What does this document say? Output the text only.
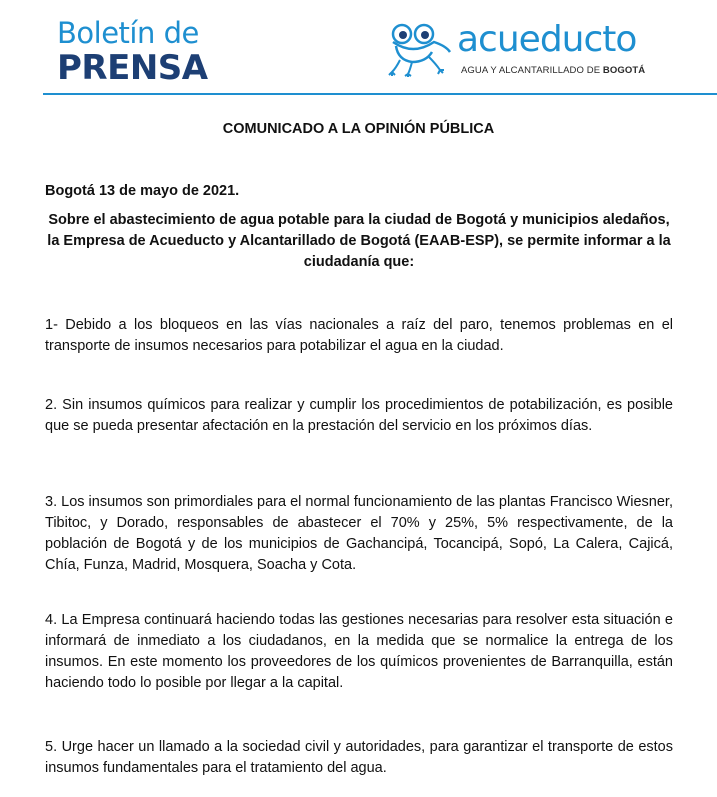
Boletín de
PRENSA
acueducto
AGUA Y ALCANTARILLADO DE BOGOTÁ
COMUNICADO A LA OPINIÓN PÚBLICA
Bogotá 13 de mayo de 2021.
Sobre el abastecimiento de agua potable para la ciudad de Bogotá y municipios aledaños, la Empresa de Acueducto y Alcantarillado de Bogotá (EAAB-ESP), se permite informar a la ciudadanía que:
1- Debido a los bloqueos en las vías nacionales a raíz del paro, tenemos problemas en el transporte de insumos necesarios para potabilizar el agua en la ciudad.
2. Sin insumos químicos para realizar y cumplir los procedimientos de potabilización, es posible que se pueda presentar afectación en la prestación del servicio en los próximos días.
3. Los insumos son primordiales para el normal funcionamiento de las plantas Francisco Wiesner, Tibitoc, y Dorado, responsables de abastecer el 70% y 25%, 5% respectivamente, de la población de Bogotá y de los municipios de Gachancipá, Tocancipá, Sopó, La Calera, Cajicá, Chía, Funza, Madrid, Mosquera, Soacha y Cota.
4. La Empresa continuará haciendo todas las gestiones necesarias para resolver esta situación e informará de inmediato a los ciudadanos, en la medida que se normalice la entrega de los insumos. En este momento los proveedores de los químicos provenientes de Barranquilla, están haciendo todo lo posible por llegar a la capital.
5. Urge hacer un llamado a la sociedad civil y autoridades, para garantizar el transporte de estos insumos fundamentales para el tratamiento del agua.
